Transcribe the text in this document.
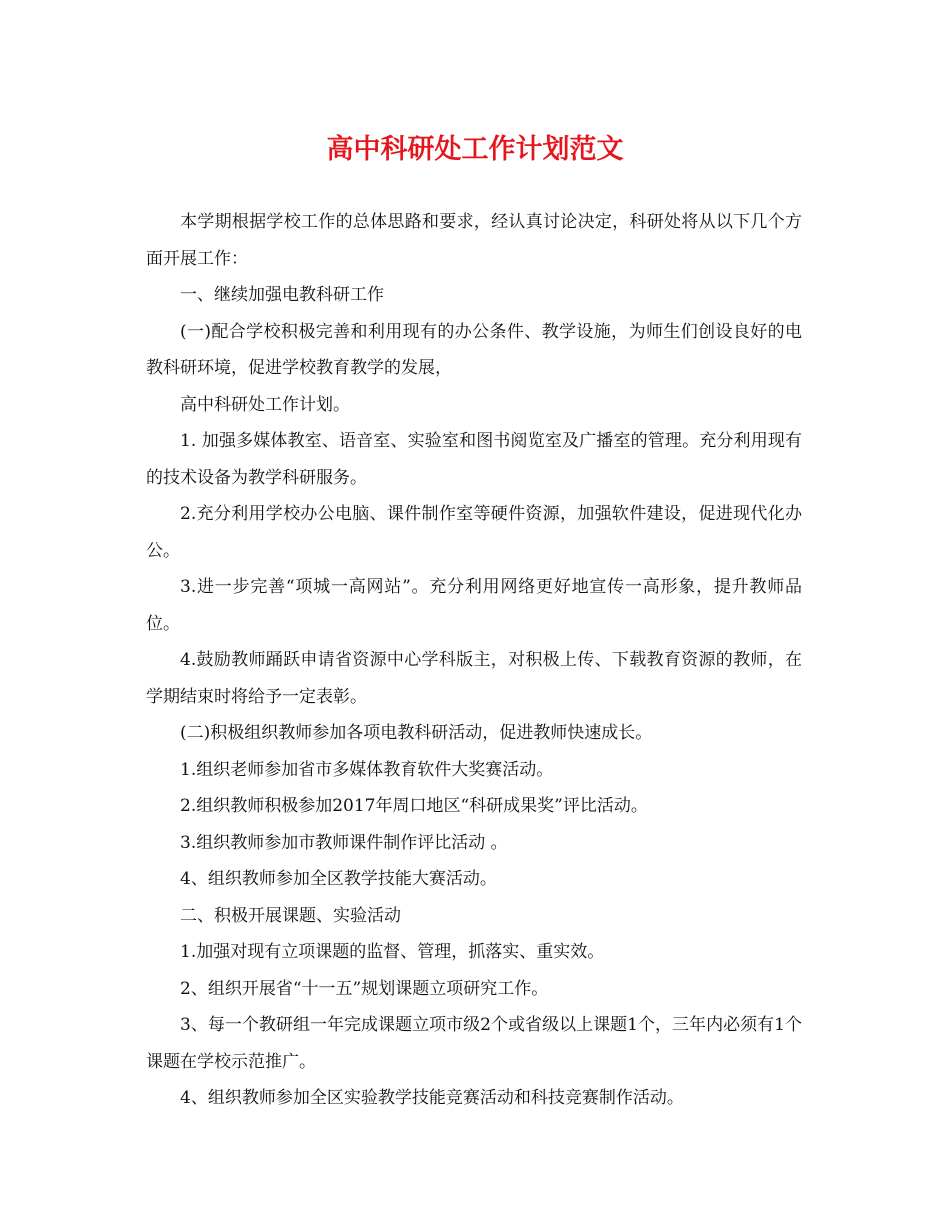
高中科研处工作计划范文

本学期根据学校工作的总体思路和要求，经认真讨论决定，科研处将从以下几个方面开展工作：

一、继续加强电教科研工作

(一)配合学校积极完善和利用现有的办公条件、教学设施，为师生们创设良好的电教科研环境，促进学校教育教学的发展，

高中科研处工作计划。

1. 加强多媒体教室、语音室、实验室和图书阅览室及广播室的管理。充分利用现有的技术设备为教学科研服务。

2.充分利用学校办公电脑、课件制作室等硬件资源，加强软件建设，促进现代化办公。

3.进一步完善“项城一高网站”。充分利用网络更好地宣传一高形象，提升教师品位。

4.鼓励教师踊跃申请省资源中心学科版主，对积极上传、下载教育资源的教师，在学期结束时将给予一定表彰。

(二)积极组织教师参加各项电教科研活动，促进教师快速成长。

1.组织老师参加省市多媒体教育软件大奖赛活动。

2.组织教师积极参加2017年周口地区“科研成果奖”评比活动。

3.组织教师参加市教师课件制作评比活动 。

4、组织教师参加全区教学技能大赛活动。

二、积极开展课题、实验活动

1.加强对现有立项课题的监督、管理，抓落实、重实效。

2、组织开展省“十一五”规划课题立项研究工作。

3、每一个教研组一年完成课题立项市级2个或省级以上课题1个，三年内必须有1个课题在学校示范推广。

4、组织教师参加全区实验教学技能竞赛活动和科技竞赛制作活动。
